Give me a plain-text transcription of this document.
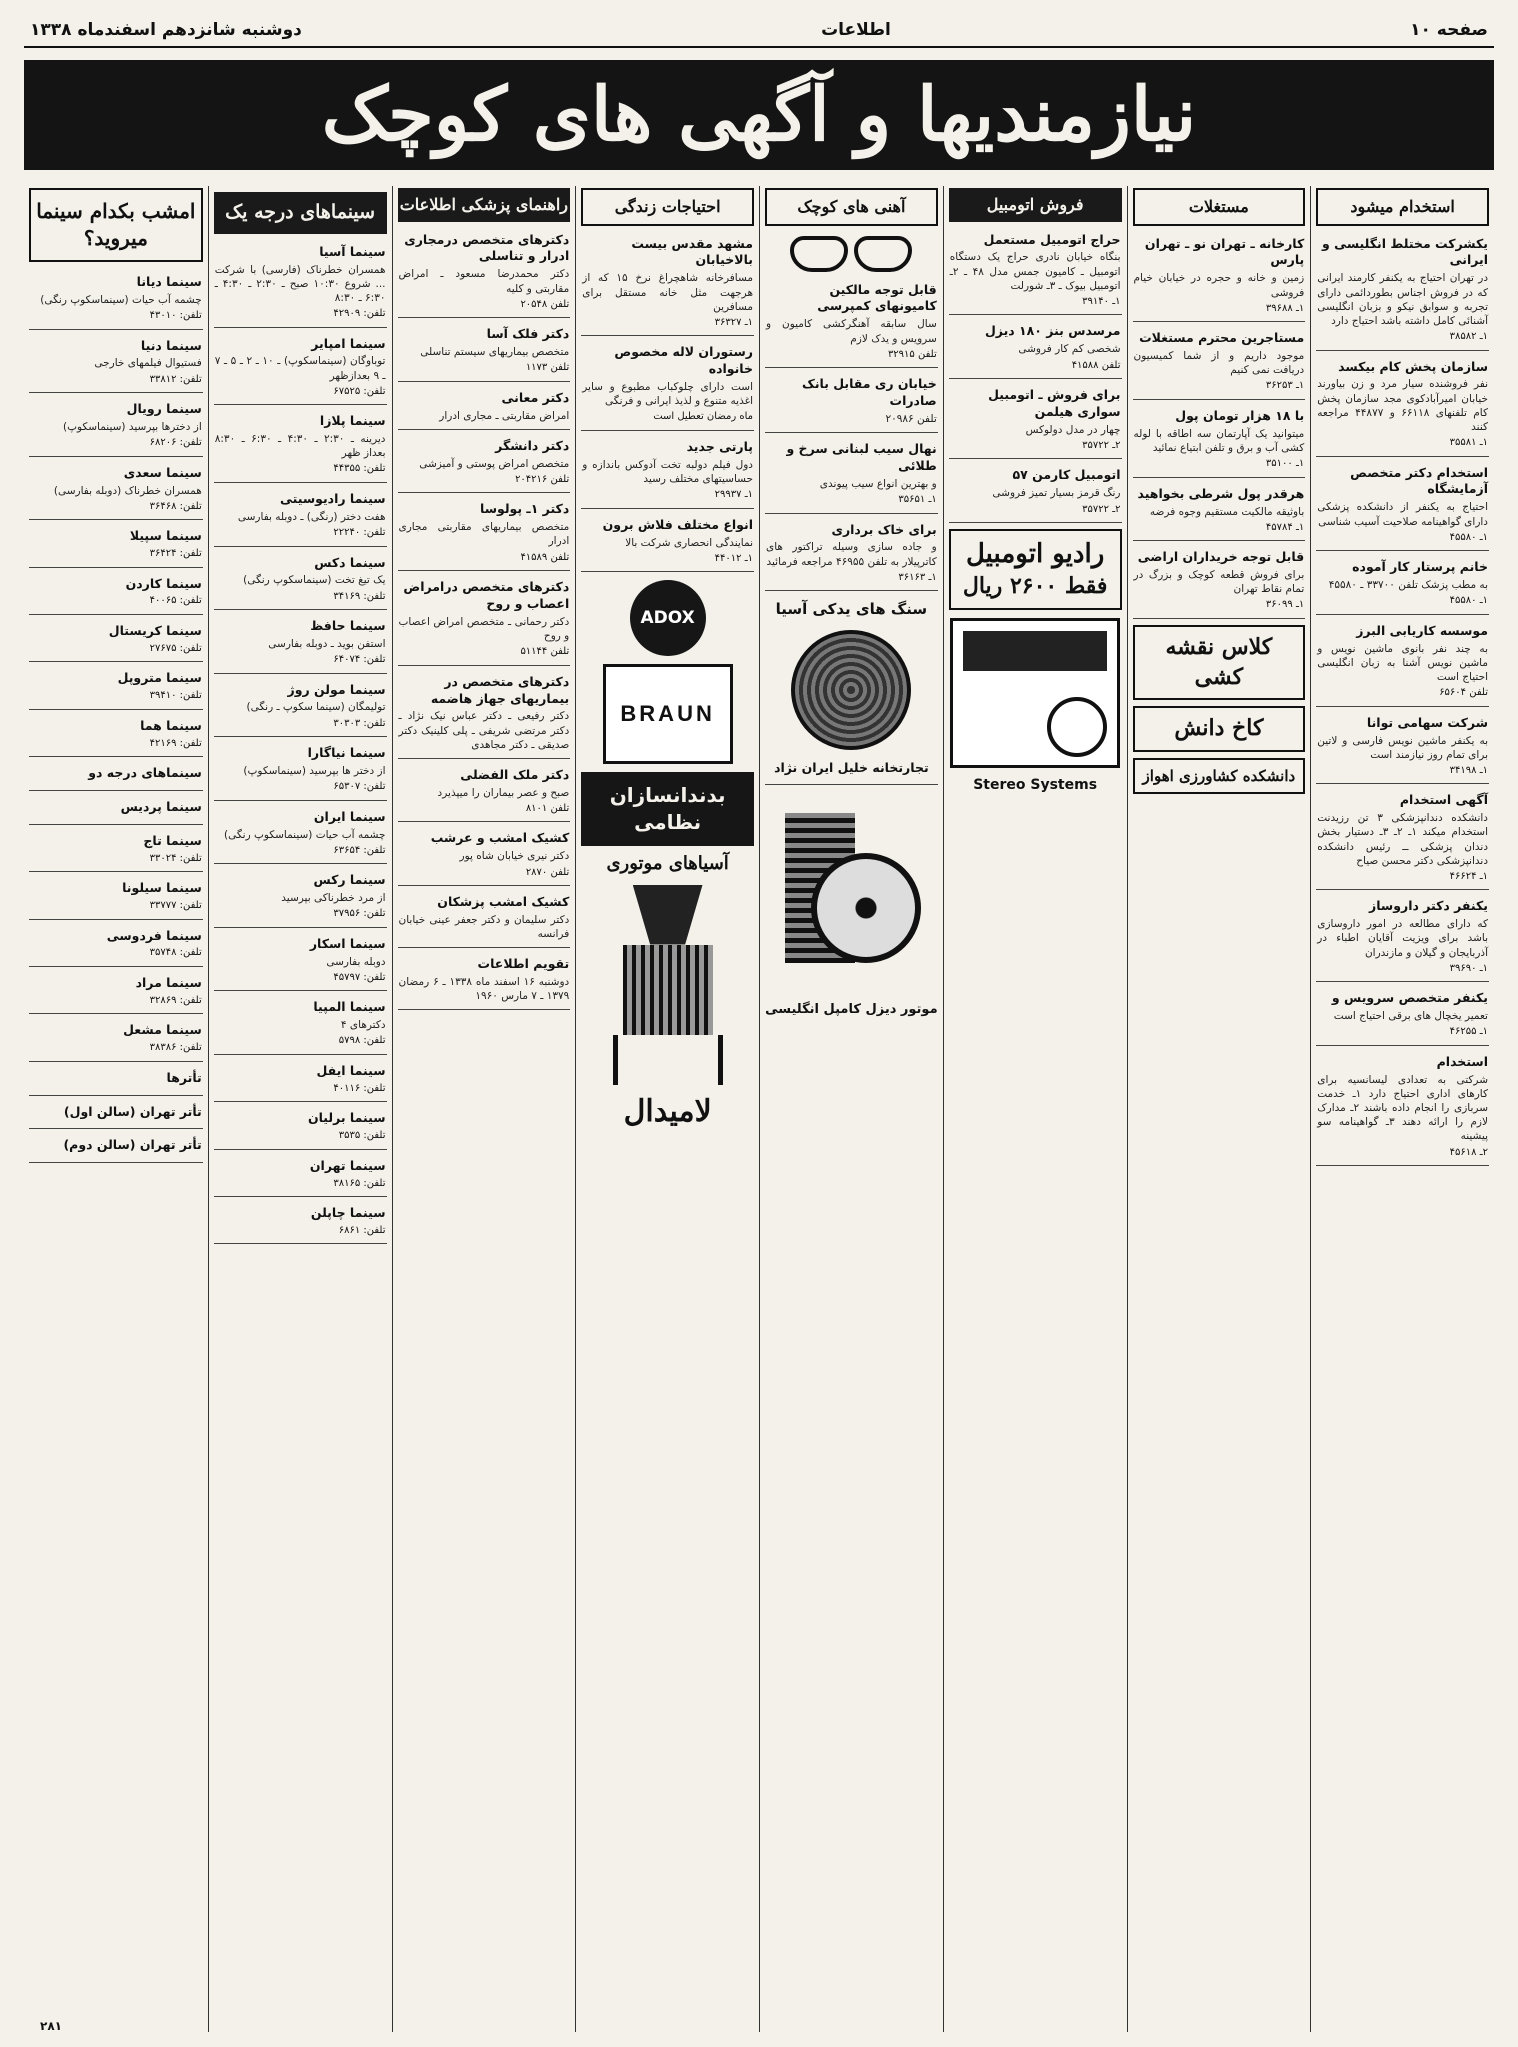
صفحه ۱۰
اطلاعات
دوشنبه شانزدهم اسفندماه ۱۳۳۸
نیازمندیها و آگهی های کوچک
استخدام میشود
یکشرکت مختلط انگلیسی و ایرانی
در تهران احتیاج به یکنفر کارمند ایرانی که در فروش اجناس بطوردائمی دارای تجربه و سوابق نیکو و بزبان انگلیسی آشنائی کامل داشته باشد احتیاج دارد
۱ـ ۳۸۵۸۲
سازمان پخش کام بیکسد
نفر فروشنده سیار مرد و زن بیاورند خیابان امیرآبادکوی مجد سازمان پخش کام تلفنهای ۶۶۱۱۸ و ۴۴۸۷۷ مراجعه کنند
۱ـ ۳۵۵۸۱
استخدام دکتر متخصص آزمایشگاه
احتیاج به یکنفر از دانشکده پزشکی دارای گواهینامه صلاحیت آسیب شناسی
۱ـ ۴۵۵۸۰
خانم پرستار کار آموده
به مطب پزشک تلفن ۳۳۷۰۰ ـ ۴۵۵۸۰
۱ـ ۴۵۵۸۰
موسسه کاریابی البرز
به چند نفر بانوی ماشین نویس و ماشین نویس آشنا به زبان انگلیسی احتیاج است
تلفن ۶۵۶۰۴
شرکت سهامی توانا
به یکنفر ماشین نویس فارسی و لاتین برای تمام روز نیازمند است
۱ـ ۳۴۱۹۸
آگهی استخدام
دانشکده دندانپزشکی ۳ تن رزیدنت استخدام میکند ۱ـ ۲ـ ۳ـ دستیار بخش دندان پزشکی ــ رئیس دانشکده دندانپزشکی دکتر محسن صیاح
۱ـ ۴۶۶۲۴
یکنفر دکتر داروساز
که دارای مطالعه در امور داروسازی باشد برای ویزیت آقایان اطباء در آذربایجان و گیلان و مازندران
۱ـ ۳۹۶۹۰
یکنفر متخصص سرویس و
تعمیر یخچال های برقی احتیاج است
۱ـ ۴۶۲۵۵
استخدام
شرکتی به تعدادی لیسانسیه برای کارهای اداری احتیاج دارد ۱ـ خدمت سربازی را انجام داده باشند ۲ـ مدارک لازم را ارائه دهند ۳ـ گواهینامه سو پیشینه
۲ـ ۴۵۶۱۸
مستغلات
کارخانه ـ تهران نو ـ تهران پارس
زمین و خانه و حجره در خیابان خیام فروشی
۱ـ ۳۹۶۸۸
مستاجرین محترم مستغلات
موجود داریم و از شما کمیسیون دریافت نمی کنیم
۱ـ ۳۶۲۵۳
با ۱۸ هزار تومان پول
میتوانید یک آپارتمان سه اطاقه با لوله کشی آب و برق و تلفن ابتیاع نمائید
۱ـ ۳۵۱۰۰
هرقدر پول شرطی بخواهید
باوثیقه مالکیت مستقیم وجوه فرضه
۱ـ ۴۵۷۸۴
قابل توجه خریداران اراضی
برای فروش قطعه کوچک و بزرگ در تمام نقاط تهران
۱ـ ۳۶۰۹۹
کلاس نقشه کشی
کاخ دانش
دانشکده کشاورزی اهواز
فروش اتومبیل
حراج اتومبیل مستعمل
بنگاه خیابان نادری حراج یک دستگاه اتومبیل ـ کامیون جمس مدل ۴۸ ـ ۲ـ اتومبیل بیوک ـ ۳ـ شورلت
۱ـ ۳۹۱۴۰
مرسدس بنز ۱۸۰ دیزل
شخصی کم کار فروشی
تلفن ۴۱۵۸۸
برای فروش ـ اتومبیل سواری هیلمن
چهار در مدل دولوکس
۲ـ ۳۵۷۲۲
اتومبیل کارمن ۵۷
رنگ قرمز بسیار تمیز فروشی
۲ـ ۳۵۷۲۲
رادیو اتومبیل
فقط ۲۶۰۰ ریال
Stereo Systems
آهنی های کوچک
قابل توجه مالکین کامیونهای کمپرسی
سال سابقه آهنگرکشی کامیون و سرویس و یدک لازم
تلفن ۳۲۹۱۵
خیابان ری مقابل بانک صادرات
تلفن ۲۰۹۸۶
نهال سیب لبنانی سرخ و طلائی
و بهترین انواع سیب پیوندی
۱ـ ۳۵۶۵۱
برای خاک برداری
و جاده سازی وسیله تراکتور های کاترپیلار به تلفن ۴۶۹۵۵ مراجعه فرمائید
۱ـ ۳۶۱۶۳
سنگ های یدکی آسیا
تجارتخانه خلیل ایران نژاد
موتور دیزل کامپل انگلیسی
احتیاجات زندگی
مشهد مقدس بیست بالاخیابان
مسافرخانه شاهچراغ نرخ ۱۵ که از هرجهت مثل خانه مستقل برای مسافرین
۱ـ ۳۶۳۲۷
رستوران لاله مخصوص خانواده
است دارای چلوکباب مطبوع و سایر اغذیه متنوع و لذیذ ایرانی و فرنگی
ماه رمضان تعطیل است
پارتی جدید
دول فیلم دولبه تخت آدوکس باندازه و حساسیتهای مختلف رسید
۱ـ ۲۹۹۳۷
انواع مختلف فلاش برون
نمایندگی انحصاری شرکت بالا
۱ـ ۴۴۰۱۲
ADOX
BRAUN
بدندانسازان نظامی
آسیاهای موتوری
لامیدال
راهنمای پزشکی اطلاعات
دکترهای متخصص درمجاری ادرار و تناسلی
دکتر محمدرضا مسعود ـ امراض مقاربتی و کلیه
تلفن ۲۰۵۴۸
دکتر فلک آسا
متخصص بیماریهای سیستم تناسلی
تلفن ۱۱۷۳
دکتر معانی
امراض مقاربتی ـ مجاری ادرار
دکتر دانشگر
متخصص امراض پوستی و آمیزشی
تلفن ۲۰۴۲۱۶
دکتر ۱ـ پولوسا
متخصص بیماریهای مقاربتی مجاری ادرار
تلفن ۴۱۵۸۹
دکترهای متخصص درامراض اعصاب و روح
دکتر رحمانی ـ متخصص امراض اعصاب و روح
تلفن ۵۱۱۴۴
دکترهای متخصص در بیماریهای جهاز هاضمه
دکتر رفیعی ـ دکتر عباس نیک نژاد ـ دکتر مرتضی شریفی ـ پلی کلینیک دکتر صدیقی ـ دکتر مجاهدی
دکتر ملک الفضلی
صبح و عصر بیماران را میپذیرد
تلفن ۸۱۰۱
کشیک امشب و عرشب
دکتر نیری خیابان شاه پور
تلفن ۲۸۷۰
کشیک امشب پزشکان
دکتر سلیمان و دکتر جعفر عینی خیابان فرانسه
تقویم اطلاعات
دوشنبه ۱۶ اسفند ماه ۱۳۳۸ ـ ۶ رمضان ۱۳۷۹ ـ ۷ مارس ۱۹۶۰
سینماهای درجه یک
سینما آسیا
همسران خطرناک (فارسی) با شرکت ... شروع ۱۰:۳۰ صبح ـ ۲:۳۰ ـ ۴:۳۰ ـ ۶:۳۰ ـ ۸:۳۰
تلفن: ۴۲۹۰۹
سینما امپایر
توباوگان (سینماسکوپ) ـ ۱۰ ـ ۲ ـ ۵ ـ ۷ ـ ۹ بعدازظهر
تلفن: ۶۷۵۲۵
سینما پلازا
دیرینه ـ ۲:۳۰ ـ ۴:۳۰ ـ ۶:۳۰ ـ ۸:۳۰ بعداز ظهر
تلفن: ۴۴۳۵۵
سینما رادیوسیتی
هفت دختر (رنگی) ـ دوبله بفارسی
تلفن: ۲۲۲۴۰
سینما دکس
یک تیغ تخت (سینماسکوپ رنگی)
تلفن: ۳۴۱۶۹
سینما حافظ
استفن بوید ـ دوبله بفارسی
تلفن: ۶۴۰۷۴
سینما مولن روژ
تولیمگان (سینما سکوپ ـ رنگی)
تلفن: ۳۰۳۰۳
سینما نیاگارا
از دختر ها بپرسید (سینماسکوپ)
تلفن: ۶۵۳۰۷
سینما ایران
چشمه آب حیات (سینماسکوپ رنگی)
تلفن: ۶۳۶۵۴
سینما رکس
از مرد خطرناکی بپرسید
تلفن: ۳۷۹۵۶
سینما اسکار
دوبله بفارسی
تلفن: ۴۵۷۹۷
سینما المپیا
دکترهای ۴
تلفن: ۵۷۹۸
سینما ایفل
تلفن: ۴۰۱۱۶
سینما برلیان
تلفن: ۳۵۳۵
سینما تهران
تلفن: ۳۸۱۶۵
سینما چاپلن
تلفن: ۶۸۶۱
امشب بکدام سینما میروید؟
سینما دیانا
چشمه آب حیات (سینماسکوپ رنگی)
تلفن: ۴۳۰۱۰
سینما دنیا
فستیوال فیلمهای خارجی
تلفن: ۳۳۸۱۲
سینما رویال
از دخترها بپرسید (سینماسکوپ)
تلفن: ۶۸۲۰۶
سینما سعدی
همسران خطرناک (دوبله بفارسی)
تلفن: ۳۶۴۶۸
سینما سپیلا
تلفن: ۳۶۴۲۴
سینما کاردن
تلفن: ۴۰۰۶۵
سینما کریستال
تلفن: ۲۷۶۷۵
سینما متروپل
تلفن: ۳۹۴۱۰
سینما هما
تلفن: ۴۲۱۶۹
سینماهای درجه دو
سینما پردیس
سینما تاج
تلفن: ۳۳۰۲۴
سینما سیلونا
تلفن: ۳۳۷۷۷
سینما فردوسی
تلفن: ۳۵۷۴۸
سینما مراد
تلفن: ۳۲۸۶۹
سینما مشعل
تلفن: ۳۸۳۸۶
تأترها
تأتر تهران (سالن اول)
تأتر تهران (سالن دوم)
۲۸۱
